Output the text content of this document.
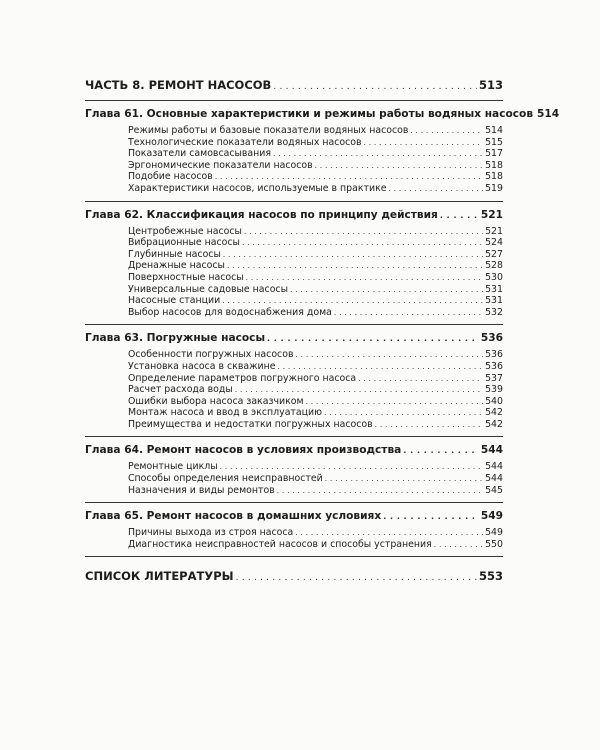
ЧАСТЬ 8. РЕМОНТ НАСОСОВ . . .	513
Глава 61. Основные характеристики и режимы работы водяных насосов 514
Режимы работы и базовые показатели водяных насосов . . .	514
Технологические показатели водяных насосов . . .	515
Показатели самовсасывания . . .	517
Эргономические показатели насосов . . .	518
Подобие насосов . . .	518
Характеристики насосов, используемые в практике . . .	519
Глава 62. Классификация насосов по принципу действия . . .	521
Центробежные насосы . . .	521
Вибрационные насосы . . .	524
Глубинные насосы . . .	527
Дренажные насосы . . .	528
Поверхностные насосы . . .	530
Универсальные садовые насосы . . .	531
Насосные станции . . .	531
Выбор насосов для водоснабжения дома . . .	532
Глава 63. Погружные насосы . . .	536
Особенности погружных насосов . . .	536
Установка насоса в скважине . . .	536
Определение параметров погружного насоса . . .	537
Расчет расхода воды . . .	539
Ошибки выбора насоса заказчиком . . .	540
Монтаж насоса и ввод в эксплуатацию . . .	542
Преимущества и недостатки погружных насосов . . .	542
Глава 64. Ремонт насосов в условиях производства . . .	544
Ремонтные циклы . . .	544
Способы определения неисправностей . . .	544
Назначения и виды ремонтов . . .	545
Глава 65. Ремонт насосов в домашних условиях . . .	549
Причины выхода из строя насоса . . .	549
Диагностика неисправностей насосов и способы устранения . . .	550
СПИСОК ЛИТЕРАТУРЫ . . .	553
